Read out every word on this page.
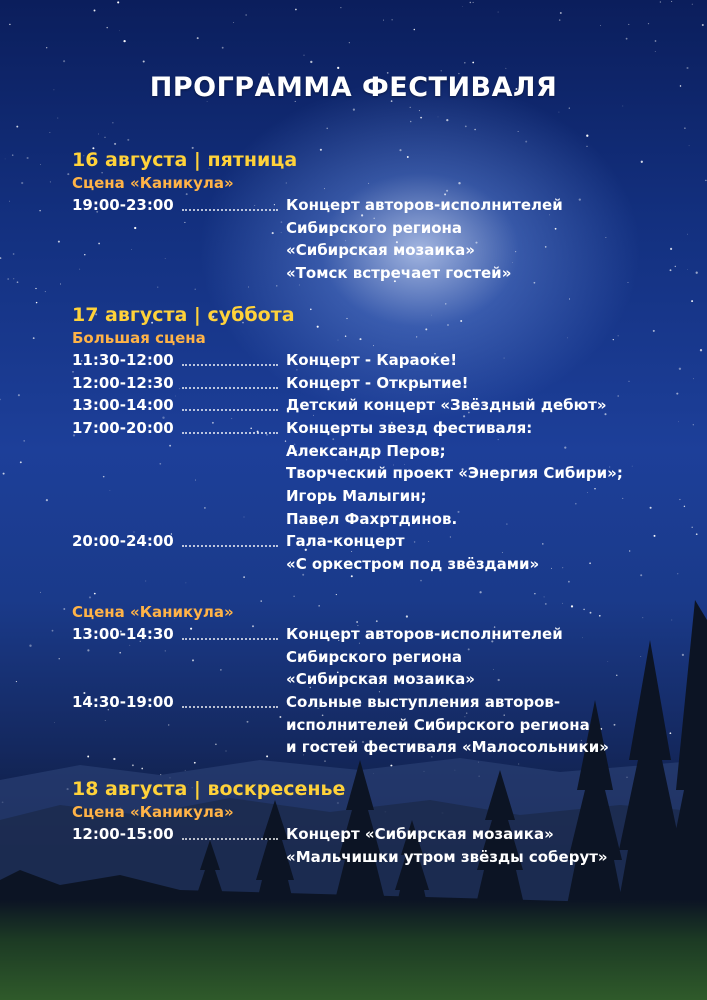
ПРОГРАММА ФЕСТИВАЛЯ

16 августа | пятница

Сцена «Каникула»

19:00-23:00	Концерт авторов-исполнителей
Сибирского региона
«Сибирская мозаика»
«Томск встречает гостей»

17 августа | суббота

Большая сцена

11:30-12:00	Концерт - Караоке!
12:00-12:30	Концерт - Открытие!
13:00-14:00	Детский концерт «Звёздный дебют»
17:00-20:00	Концерты звезд фестиваля:
Александр Перов;
Творческий проект «Энергия Сибири»;
Игорь Малыгин;
Павел Фахртдинов.
20:00-24:00	Гала-концерт
«С оркестром под звёздами»

Сцена «Каникула»

13:00-14:30	Концерт авторов-исполнителей
Сибирского региона
«Сибирская мозаика»
14:30-19:00	Сольные выступления авторов-
исполнителей Сибирского региона
и гостей фестиваля «Малосольники»

18 августа | воскресенье

Сцена «Каникула»

12:00-15:00	Концерт «Сибирская мозаика»
«Мальчишки утром звёзды соберут»
